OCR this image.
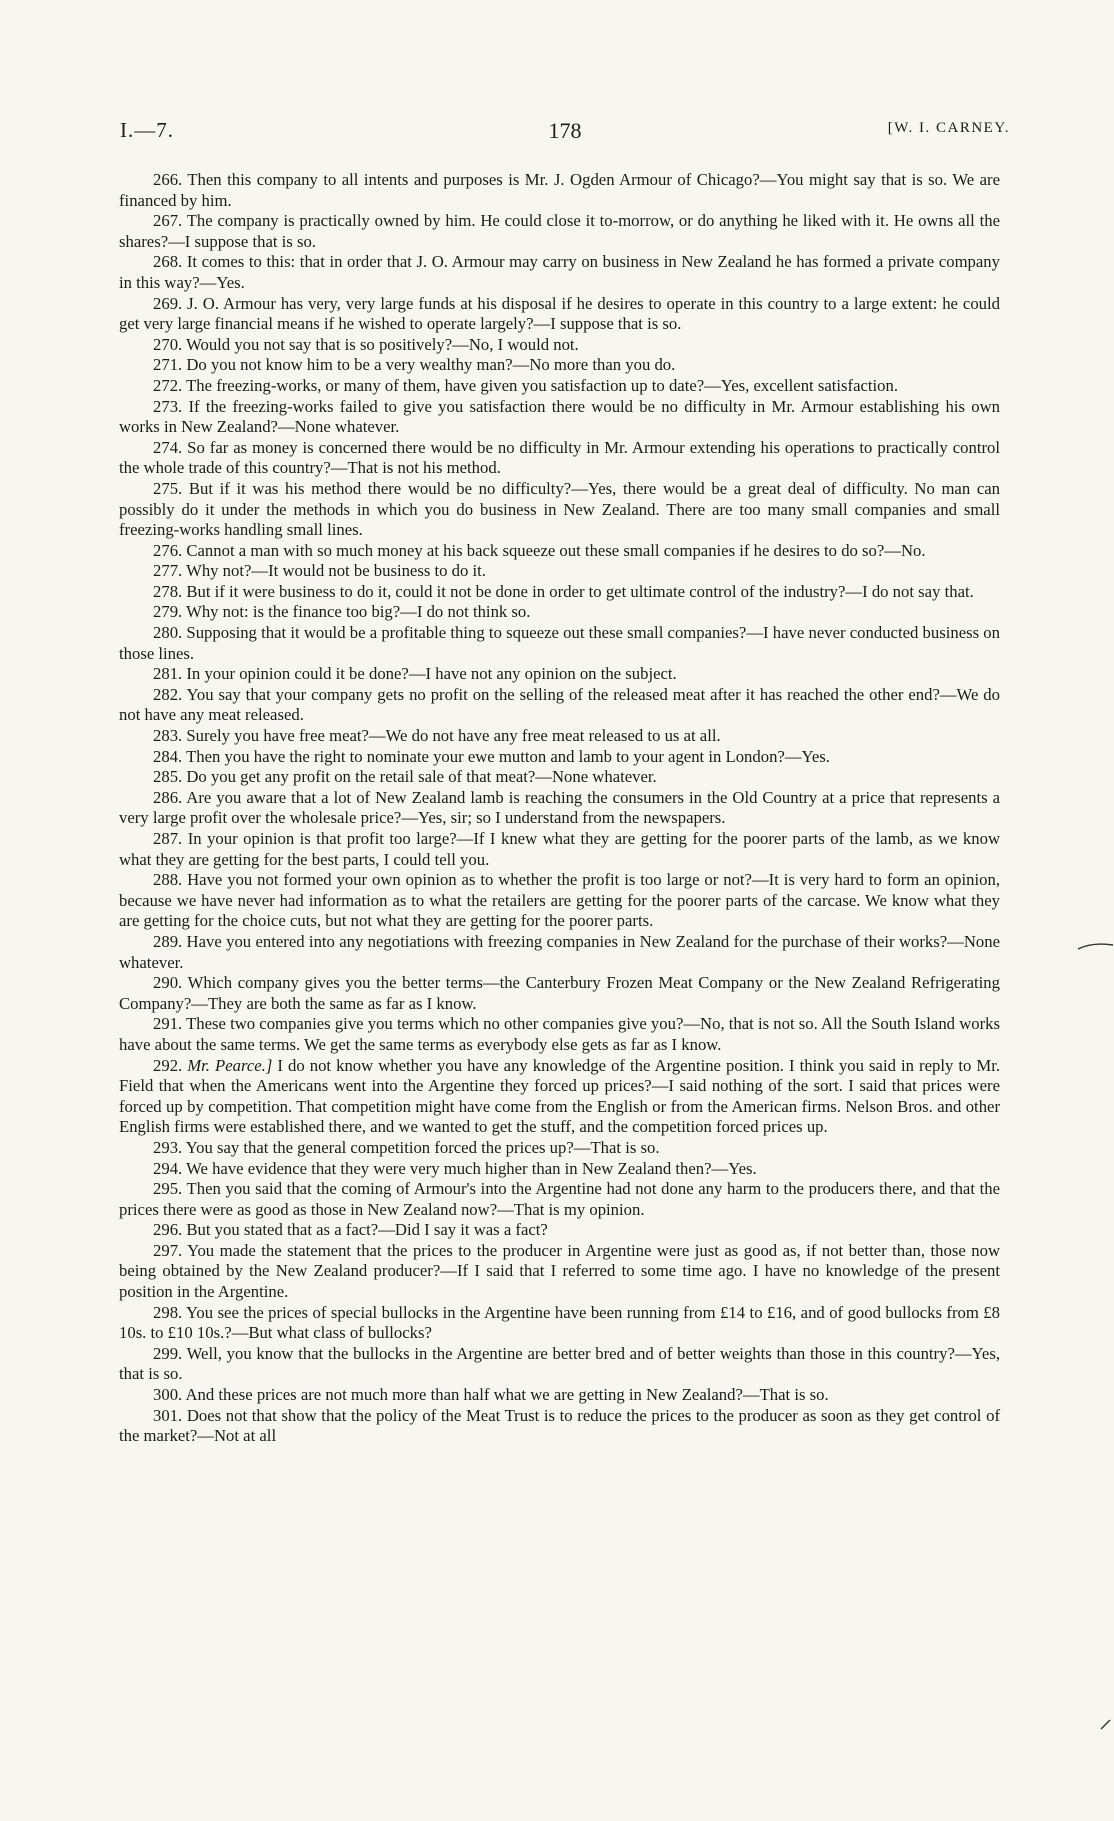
I.—7.	178	[W. I. CARNEY.

266. Then this company to all intents and purposes is Mr. J. Ogden Armour of Chicago?—You might say that is so. We are financed by him.

267. The company is practically owned by him. He could close it to-morrow, or do anything he liked with it. He owns all the shares?—I suppose that is so.

268. It comes to this: that in order that J. O. Armour may carry on business in New Zealand he has formed a private company in this way?—Yes.

269. J. O. Armour has very, very large funds at his disposal if he desires to operate in this country to a large extent: he could get very large financial means if he wished to operate largely?—I suppose that is so.

270. Would you not say that is so positively?—No, I would not.

271. Do you not know him to be a very wealthy man?—No more than you do.

272. The freezing-works, or many of them, have given you satisfaction up to date?—Yes, excellent satisfaction.

273. If the freezing-works failed to give you satisfaction there would be no difficulty in Mr. Armour establishing his own works in New Zealand?—None whatever.

274. So far as money is concerned there would be no difficulty in Mr. Armour extending his operations to practically control the whole trade of this country?—That is not his method.

275. But if it was his method there would be no difficulty?—Yes, there would be a great deal of difficulty. No man can possibly do it under the methods in which you do business in New Zealand. There are too many small companies and small freezing-works handling small lines.

276. Cannot a man with so much money at his back squeeze out these small companies if he desires to do so?—No.

277. Why not?—It would not be business to do it.

278. But if it were business to do it, could it not be done in order to get ultimate control of the industry?—I do not say that.

279. Why not: is the finance too big?—I do not think so.

280. Supposing that it would be a profitable thing to squeeze out these small companies?—I have never conducted business on those lines.

281. In your opinion could it be done?—I have not any opinion on the subject.

282. You say that your company gets no profit on the selling of the released meat after it has reached the other end?—We do not have any meat released.

283. Surely you have free meat?—We do not have any free meat released to us at all.

284. Then you have the right to nominate your ewe mutton and lamb to your agent in London?—Yes.

285. Do you get any profit on the retail sale of that meat?—None whatever.

286. Are you aware that a lot of New Zealand lamb is reaching the consumers in the Old Country at a price that represents a very large profit over the wholesale price?—Yes, sir; so I understand from the newspapers.

287. In your opinion is that profit too large?—If I knew what they are getting for the poorer parts of the lamb, as we know what they are getting for the best parts, I could tell you.

288. Have you not formed your own opinion as to whether the profit is too large or not?—It is very hard to form an opinion, because we have never had information as to what the retailers are getting for the poorer parts of the carcase. We know what they are getting for the choice cuts, but not what they are getting for the poorer parts.

289. Have you entered into any negotiations with freezing companies in New Zealand for the purchase of their works?—None whatever.

290. Which company gives you the better terms—the Canterbury Frozen Meat Company or the New Zealand Refrigerating Company?—They are both the same as far as I know.

291. These two companies give you terms which no other companies give you?—No, that is not so. All the South Island works have about the same terms. We get the same terms as everybody else gets as far as I know.

292. Mr. Pearce.] I do not know whether you have any knowledge of the Argentine position. I think you said in reply to Mr. Field that when the Americans went into the Argentine they forced up prices?—I said nothing of the sort. I said that prices were forced up by competition. That competition might have come from the English or from the American firms. Nelson Bros. and other English firms were established there, and we wanted to get the stuff, and the competition forced prices up.

293. You say that the general competition forced the prices up?—That is so.

294. We have evidence that they were very much higher than in New Zealand then?—Yes.

295. Then you said that the coming of Armour's into the Argentine had not done any harm to the producers there, and that the prices there were as good as those in New Zealand now?—That is my opinion.

296. But you stated that as a fact?—Did I say it was a fact?

297. You made the statement that the prices to the producer in Argentine were just as good as, if not better than, those now being obtained by the New Zealand producer?—If I said that I referred to some time ago. I have no knowledge of the present position in the Argentine.

298. You see the prices of special bullocks in the Argentine have been running from £14 to £16, and of good bullocks from £8 10s. to £10 10s.?—But what class of bullocks?

299. Well, you know that the bullocks in the Argentine are better bred and of better weights than those in this country?—Yes, that is so.

300. And these prices are not much more than half what we are getting in New Zealand?—That is so.

301. Does not that show that the policy of the Meat Trust is to reduce the prices to the producer as soon as they get control of the market?—Not at all
